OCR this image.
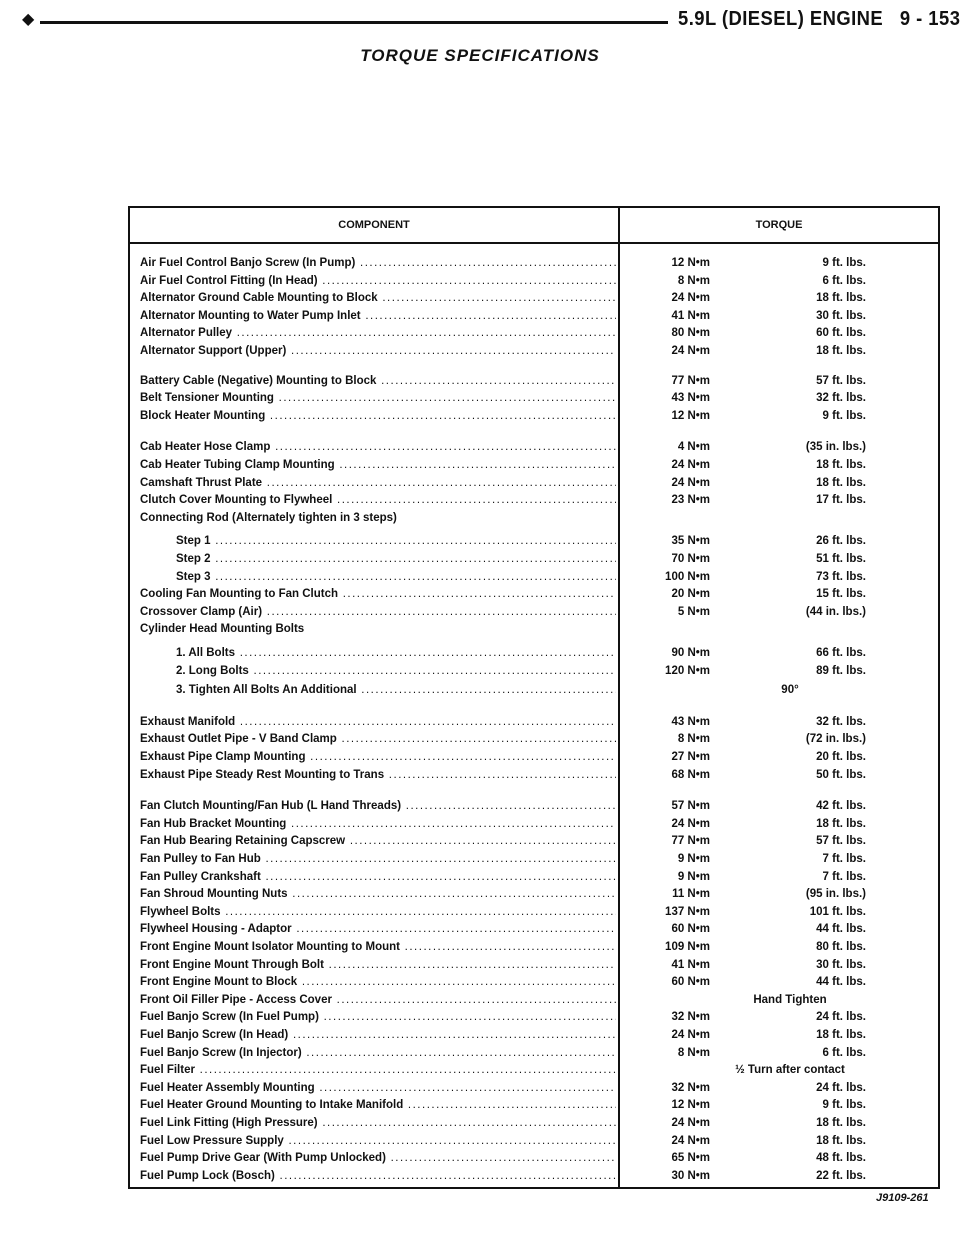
◆	5.9L (DIESEL) ENGINE   9 - 153
TORQUE SPECIFICATIONS
COMPONENT	TORQUE
Air Fuel Control Banjo Screw (In Pump) .....	12 N•m	9 ft. lbs.
Air Fuel Control Fitting (In Head) .....	8 N•m	6 ft. lbs.
Alternator Ground Cable Mounting to Block .....	24 N•m	18 ft. lbs.
Alternator Mounting to Water Pump Inlet .....	41 N•m	30 ft. lbs.
Alternator Pulley .....	80 N•m	60 ft. lbs.
Alternator Support (Upper) .....	24 N•m	18 ft. lbs.
Battery Cable (Negative) Mounting to Block .....	77 N•m	57 ft. lbs.
Belt Tensioner Mounting .....	43 N•m	32 ft. lbs.
Block Heater Mounting .....	12 N•m	9 ft. lbs.
Cab Heater Hose Clamp .....	4 N•m	(35 in. lbs.)
Cab Heater Tubing Clamp Mounting .....	24 N•m	18 ft. lbs.
Camshaft Thrust Plate .....	24 N•m	18 ft. lbs.
Clutch Cover Mounting to Flywheel .....	23 N•m	17 ft. lbs.
Connecting Rod (Alternately tighten in 3 steps)
Step 1 .....	35 N•m	26 ft. lbs.
Step 2 .....	70 N•m	51 ft. lbs.
Step 3 .....	100 N•m	73 ft. lbs.
Cooling Fan Mounting to Fan Clutch .....	20 N•m	15 ft. lbs.
Crossover Clamp (Air) .....	5 N•m	(44 in. lbs.)
Cylinder Head Mounting Bolts
1. All Bolts .....	90 N•m	66 ft. lbs.
2. Long Bolts .....	120 N•m	89 ft. lbs.
3. Tighten All Bolts An Additional .....	90°
Exhaust Manifold .....	43 N•m	32 ft. lbs.
Exhaust Outlet Pipe - V Band Clamp .....	8 N•m	(72 in. lbs.)
Exhaust Pipe Clamp Mounting .....	27 N•m	20 ft. lbs.
Exhaust Pipe Steady Rest Mounting to Trans .....	68 N•m	50 ft. lbs.
Fan Clutch Mounting/Fan Hub (L Hand Threads) .....	57 N•m	42 ft. lbs.
Fan Hub Bracket Mounting .....	24 N•m	18 ft. lbs.
Fan Hub Bearing Retaining Capscrew .....	77 N•m	57 ft. lbs.
Fan Pulley to Fan Hub .....	9 N•m	7 ft. lbs.
Fan Pulley Crankshaft .....	9 N•m	7 ft. lbs.
Fan Shroud Mounting Nuts .....	11 N•m	(95 in. lbs.)
Flywheel Bolts .....	137 N•m	101 ft. lbs.
Flywheel Housing - Adaptor .....	60 N•m	44 ft. lbs.
Front Engine Mount Isolator Mounting to Mount .....	109 N•m	80 ft. lbs.
Front Engine Mount Through Bolt .....	41 N•m	30 ft. lbs.
Front Engine Mount to Block .....	60 N•m	44 ft. lbs.
Front Oil Filler Pipe - Access Cover .....	Hand Tighten
Fuel Banjo Screw (In Fuel Pump) .....	32 N•m	24 ft. lbs.
Fuel Banjo Screw (In Head) .....	24 N•m	18 ft. lbs.
Fuel Banjo Screw (In Injector) .....	8 N•m	6 ft. lbs.
Fuel Filter .....	½ Turn after contact
Fuel Heater Assembly Mounting .....	32 N•m	24 ft. lbs.
Fuel Heater Ground Mounting to Intake Manifold .....	12 N•m	9 ft. lbs.
Fuel Link Fitting (High Pressure) .....	24 N•m	18 ft. lbs.
Fuel Low Pressure Supply .....	24 N•m	18 ft. lbs.
Fuel Pump Drive Gear (With Pump Unlocked) .....	65 N•m	48 ft. lbs.
Fuel Pump Lock (Bosch) .....	30 N•m	22 ft. lbs.
J9109-261
